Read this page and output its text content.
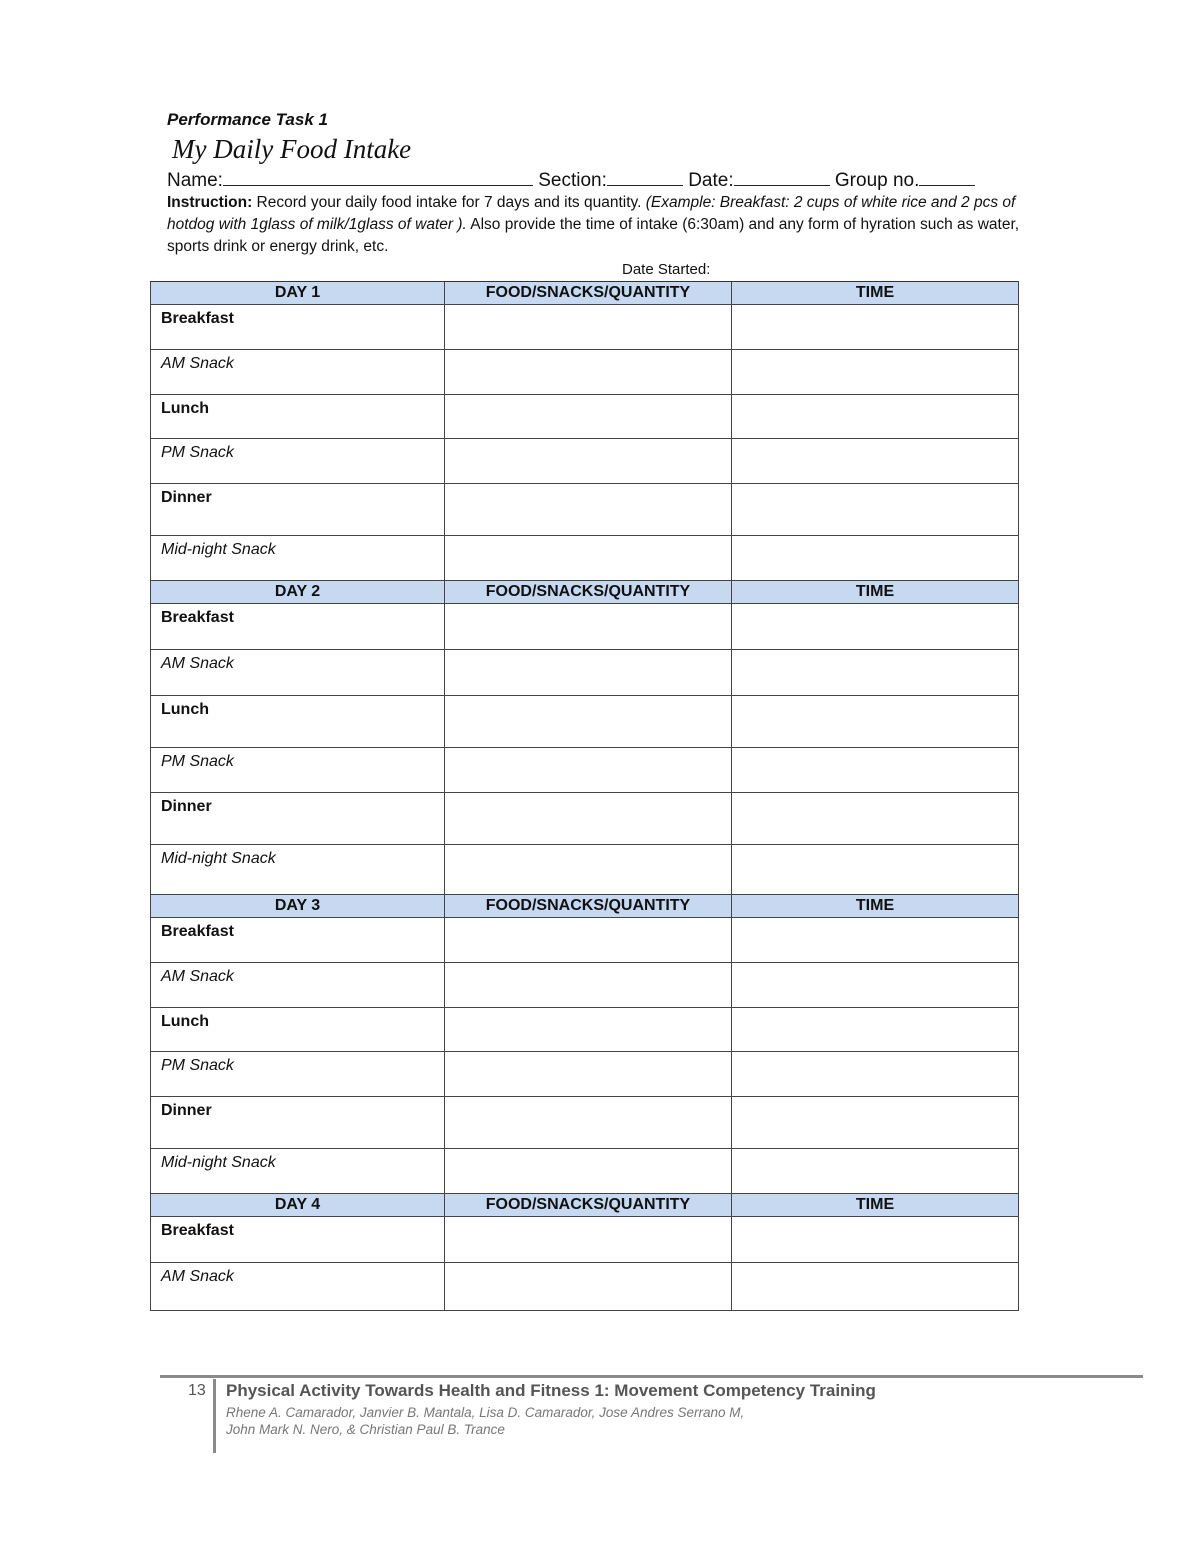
Performance Task 1
My Daily Food Intake
Name:	Section:	Date:	Group no.
Instruction: Record your daily food intake for 7 days and its quantity. (Example: Breakfast: 2 cups of white rice and 2 pcs of hotdog with 1glass of milk/1glass of water ). Also provide the time of intake (6:30am) and any form of hyration such as water, sports drink or energy drink, etc.
Date Started:
DAY 1	FOOD/SNACKS/QUANTITY	TIME

Breakfast		

AM Snack		

Lunch		

PM Snack		

Dinner		

Mid-night Snack		

DAY 2	FOOD/SNACKS/QUANTITY	TIME

Breakfast		

AM Snack		

Lunch		

PM Snack		

Dinner		

Mid-night Snack		

DAY 3	FOOD/SNACKS/QUANTITY	TIME

Breakfast		

AM Snack		

Lunch		

PM Snack		

Dinner		

Mid-night Snack		

DAY 4	FOOD/SNACKS/QUANTITY	TIME

Breakfast		

AM Snack		

13 Physical Activity Towards Health and Fitness 1: Movement Competency Training
Rhene A. Camarador, Janvier B. Mantala, Lisa D. Camarador, Jose Andres Serrano M,
John Mark N. Nero, & Christian Paul B. Trance
